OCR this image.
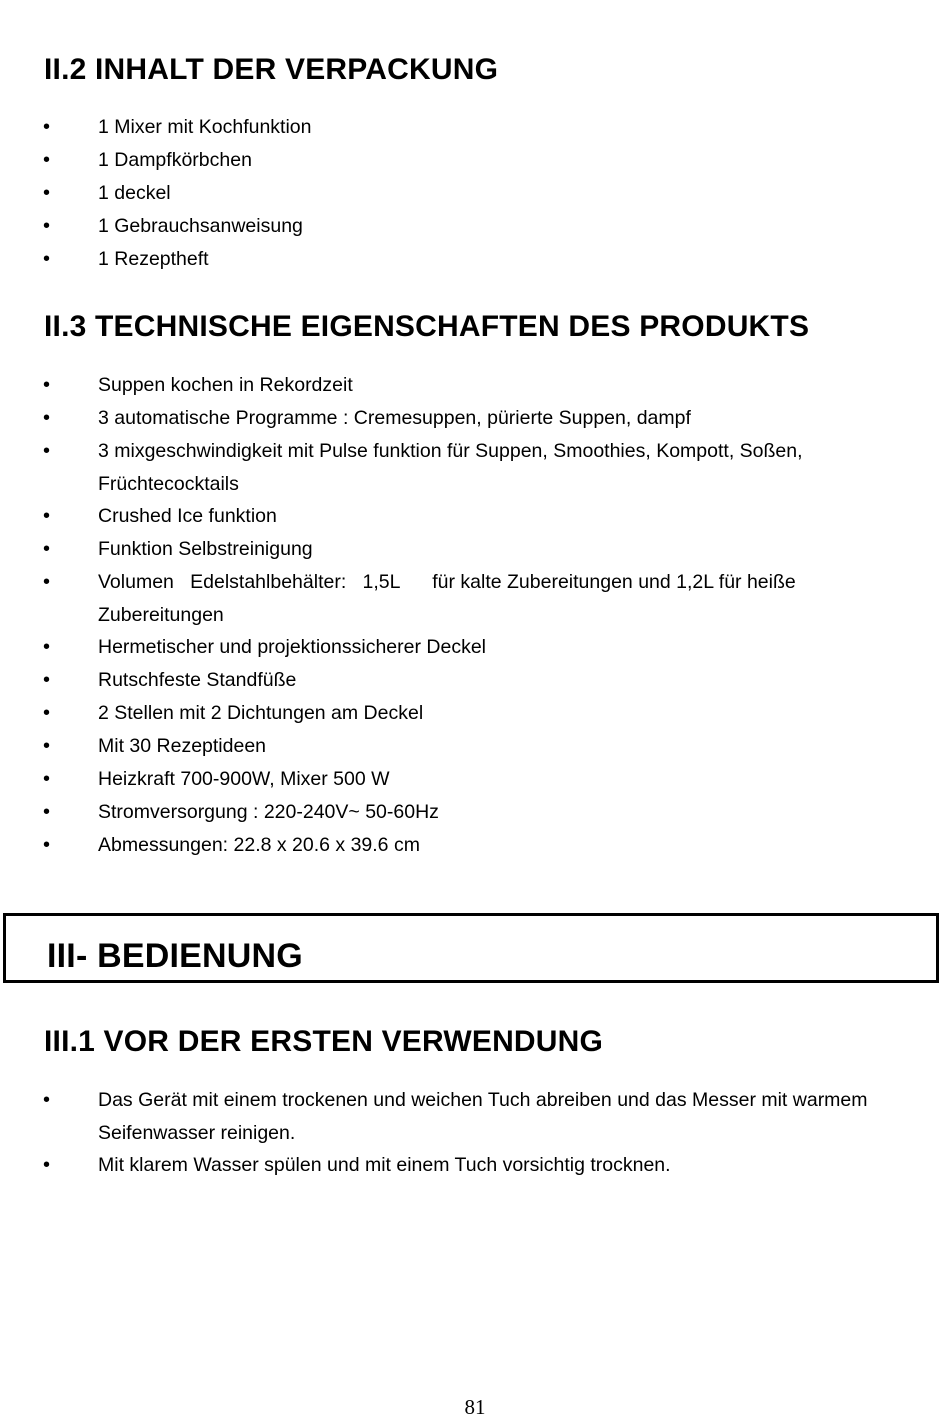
II.2 INHALT DER VERPACKUNG
• 1 Mixer mit Kochfunktion
• 1 Dampfkörbchen
• 1 deckel
• 1 Gebrauchsanweisung
• 1 Rezeptheft
II.3 TECHNISCHE EIGENSCHAFTEN DES PRODUKTS
• Suppen kochen in Rekordzeit
• 3 automatische Programme : Cremesuppen, pürierte Suppen, dampf
• 3 mixgeschwindigkeit mit Pulse funktion für Suppen, Smoothies, Kompott, Soßen, Früchtecocktails
• Crushed Ice funktion
• Funktion Selbstreinigung
• Volumen   Edelstahlbehälter:   1,5L      für kalte Zubereitungen und 1,2L für heiße Zubereitungen
• Hermetischer und projektionssicherer Deckel
• Rutschfeste Standfüße
• 2 Stellen mit 2 Dichtungen am Deckel
• Mit 30 Rezeptideen
• Heizkraft 700-900W, Mixer 500 W
• Stromversorgung : 220-240V~ 50-60Hz
• Abmessungen: 22.8 x 20.6 x 39.6 cm
III- BEDIENUNG
III.1 VOR DER ERSTEN VERWENDUNG
• Das Gerät mit einem trockenen und weichen Tuch abreiben und das Messer mit warmem Seifenwasser reinigen.
• Mit klarem Wasser spülen und mit einem Tuch vorsichtig trocknen.
81
